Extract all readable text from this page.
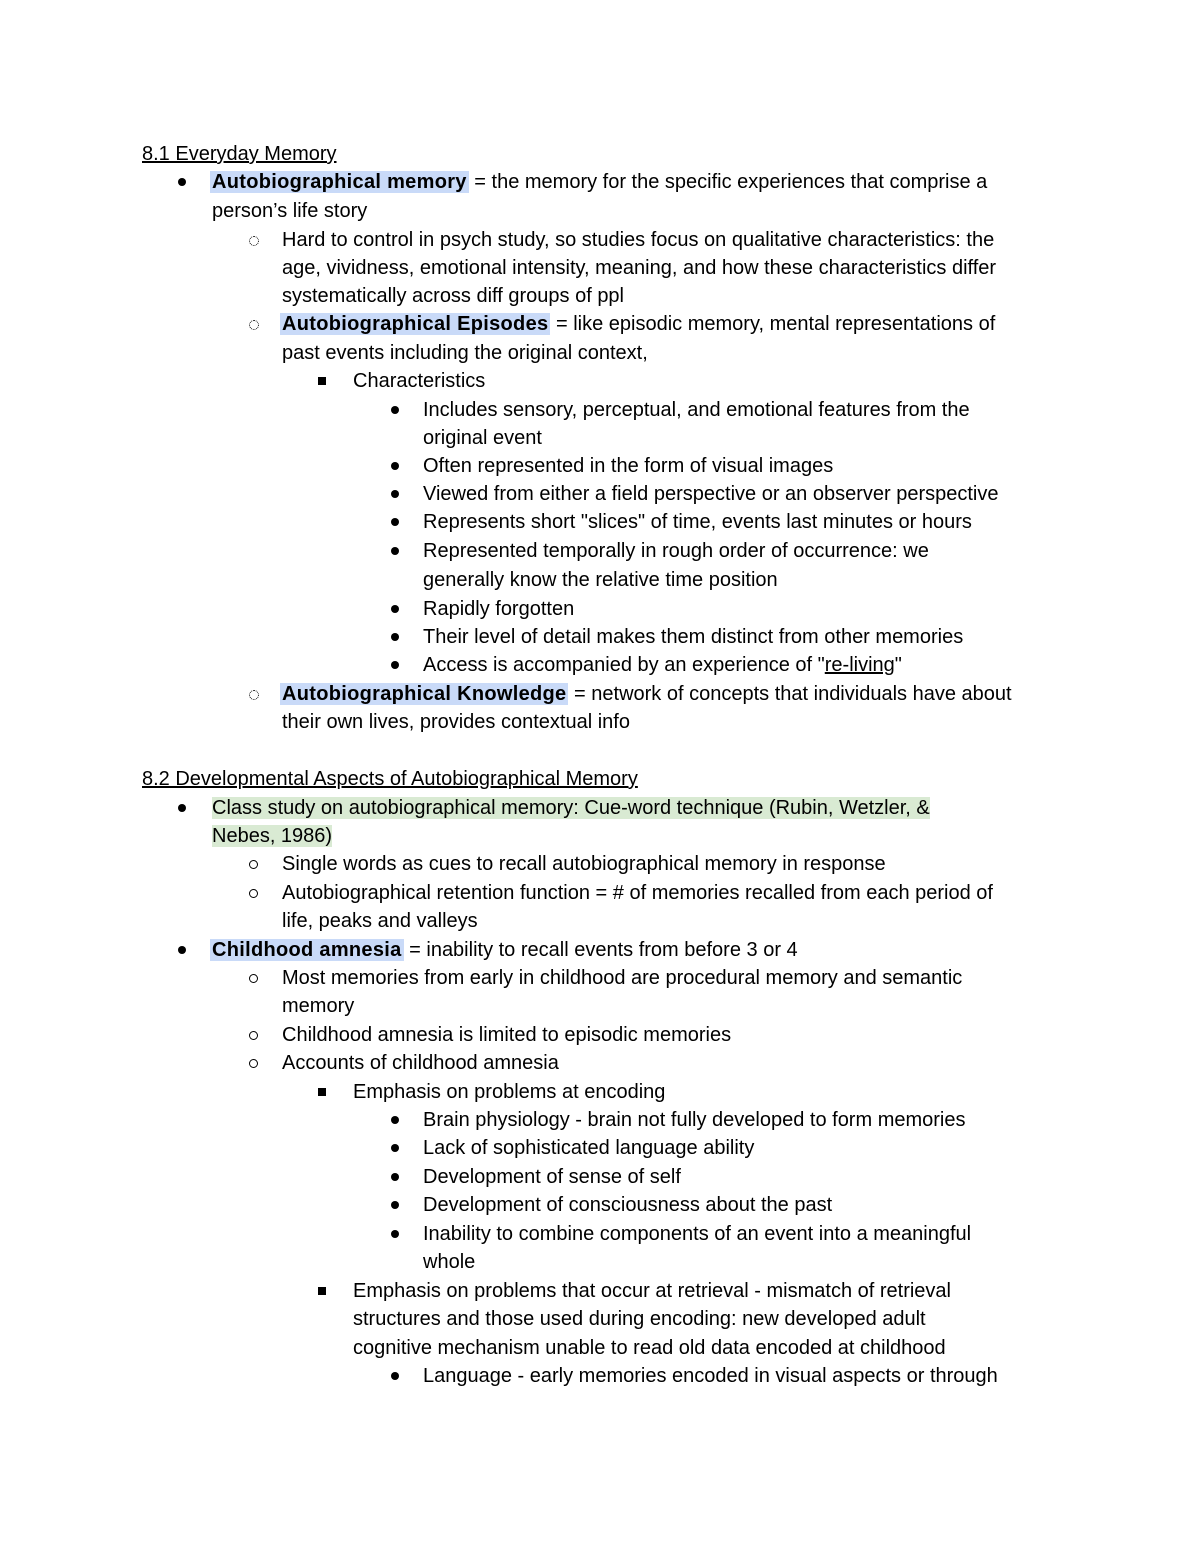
8.1 Everyday Memory
Autobiographical memory = the memory for the specific experiences that comprise a
person’s life story
Hard to control in psych study, so studies focus on qualitative characteristics: the
age, vividness, emotional intensity, meaning, and how these characteristics differ
systematically across diff groups of ppl
Autobiographical Episodes = like episodic memory, mental representations of
past events including the original context,
Characteristics
Includes sensory, perceptual, and emotional features from the
original event
Often represented in the form of visual images
Viewed from either a field perspective or an observer perspective
Represents short "slices" of time, events last minutes or hours
Represented temporally in rough order of occurrence: we
generally know the relative time position
Rapidly forgotten
Their level of detail makes them distinct from other memories
Access is accompanied by an experience of "re-living"
Autobiographical Knowledge = network of concepts that individuals have about
their own lives, provides contextual info
8.2 Developmental Aspects of Autobiographical Memory
Class study on autobiographical memory: Cue-word technique (Rubin, Wetzler, &
Nebes, 1986)
Single words as cues to recall autobiographical memory in response
Autobiographical retention function = # of memories recalled from each period of
life, peaks and valleys
Childhood amnesia = inability to recall events from before 3 or 4
Most memories from early in childhood are procedural memory and semantic
memory
Childhood amnesia is limited to episodic memories
Accounts of childhood amnesia
Emphasis on problems at encoding
Brain physiology - brain not fully developed to form memories
Lack of sophisticated language ability
Development of sense of self
Development of consciousness about the past
Inability to combine components of an event into a meaningful
whole
Emphasis on problems that occur at retrieval - mismatch of retrieval
structures and those used during encoding: new developed adult
cognitive mechanism unable to read old data encoded at childhood
Language - early memories encoded in visual aspects or through
